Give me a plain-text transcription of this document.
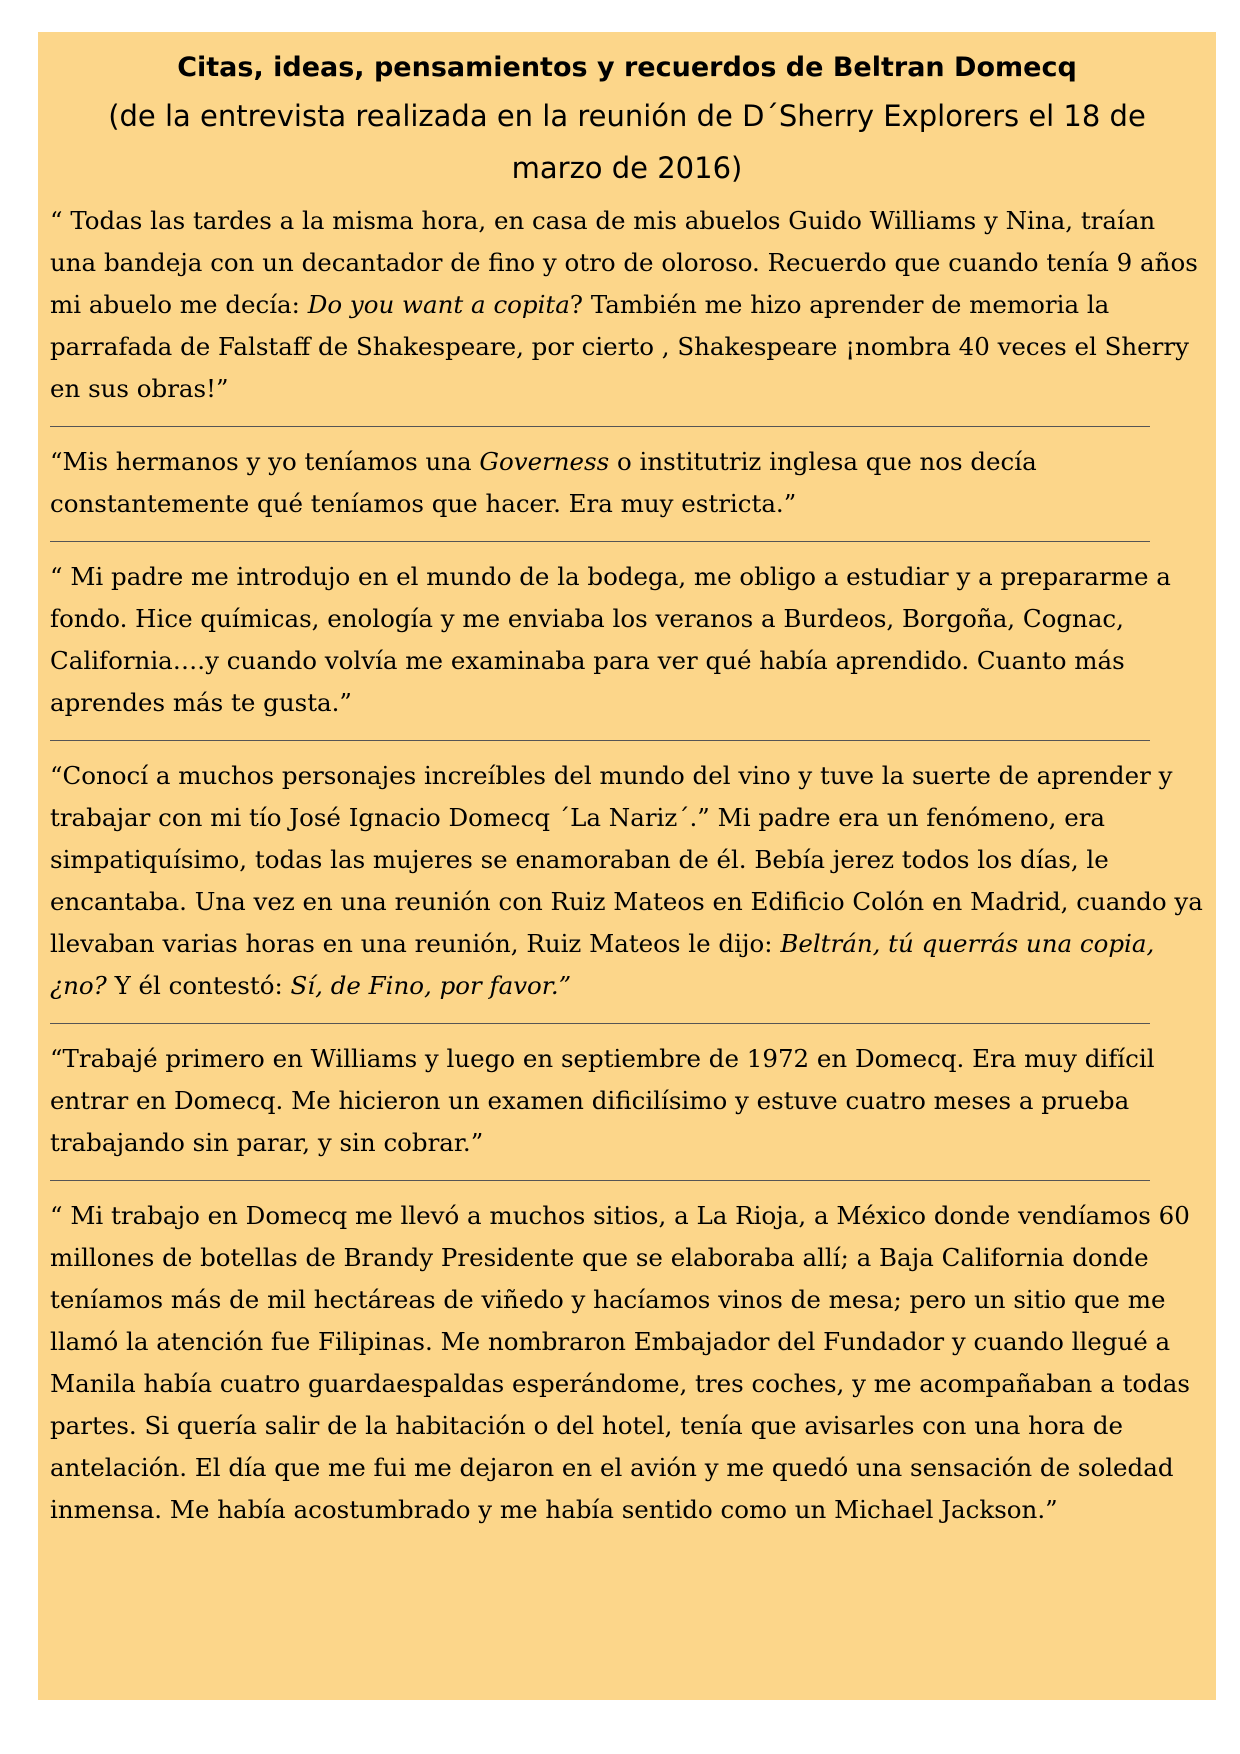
Citas, ideas, pensamientos y recuerdos de Beltran Domecq
(de la entrevista realizada en la reunión de D´Sherry Explorers el 18 de marzo de 2016)

“ Todas las tardes a la misma hora, en casa de mis abuelos Guido Williams y Nina, traían una bandeja con un decantador de fino y otro de oloroso. Recuerdo que cuando tenía 9 años mi abuelo me decía: Do you want a copita? También me hizo aprender de memoria la parrafada de Falstaff de Shakespeare, por cierto , Shakespeare ¡nombra 40 veces el Sherry en sus obras!”

“Mis hermanos y yo teníamos una Governess o institutriz inglesa que nos decía constantemente qué teníamos que hacer. Era muy estricta.”

“ Mi padre me introdujo en el mundo de la bodega, me obligo a estudiar y a prepararme a fondo. Hice químicas, enología y me enviaba los veranos a Burdeos, Borgoña, Cognac, California….y cuando volvía me examinaba para ver qué había aprendido. Cuanto más aprendes más te gusta.”

“Conocí a muchos personajes increíbles del mundo del vino y tuve la suerte de aprender y trabajar con mi tío José Ignacio Domecq ´La Nariz´.” Mi padre era un fenómeno, era simpatiquísimo, todas las mujeres se enamoraban de él. Bebía jerez todos los días, le encantaba. Una vez en una reunión con Ruiz Mateos en Edificio Colón en Madrid, cuando ya llevaban varias horas en una reunión, Ruiz Mateos le dijo: Beltrán, tú querrás una copia, ¿no? Y él contestó: Sí, de Fino, por favor.”

“Trabajé primero en Williams y luego en septiembre de 1972 en Domecq. Era muy difícil entrar en Domecq. Me hicieron un examen dificilísimo y estuve cuatro meses a prueba trabajando sin parar, y sin cobrar.”

“ Mi trabajo en Domecq me llevó a muchos sitios, a La Rioja, a México donde vendíamos 60 millones de botellas de Brandy Presidente que se elaboraba allí; a Baja California donde teníamos más de mil hectáreas de viñedo y hacíamos vinos de mesa; pero un sitio que me llamó la atención fue Filipinas. Me nombraron Embajador del Fundador y cuando llegué a Manila había cuatro guardaespaldas esperándome, tres coches, y me acompañaban a todas partes. Si quería salir de la habitación o del hotel, tenía que avisarles con una hora de antelación. El día que me fui me dejaron en el avión y me quedó una sensación de soledad inmensa. Me había acostumbrado y me había sentido como un Michael Jackson.”
